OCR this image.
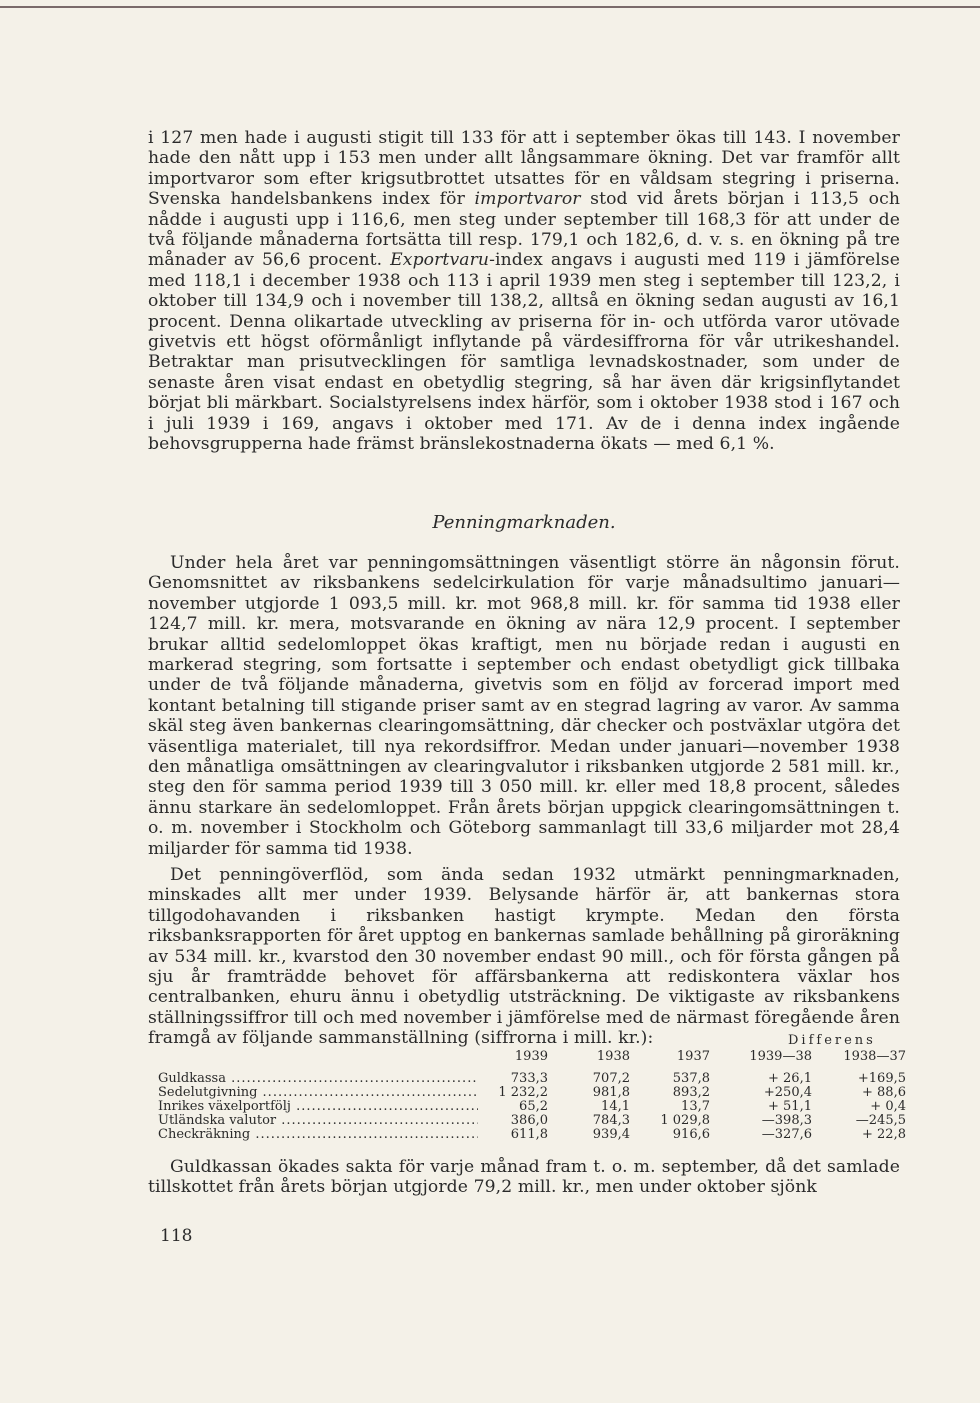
i 127 men hade i augusti stigit till 133 för att i september ökas till 143. I november hade den nått upp i 153 men under allt långsammare ökning. Det var framför allt importvaror som efter krigsutbrottet utsattes för en våldsam stegring i priserna. Svenska handelsbankens index för importvaror stod vid årets början i 113,5 och nådde i augusti upp i 116,6, men steg under september till 168,3 för att under de två följande månaderna fortsätta till resp. 179,1 och 182,6, d. v. s. en ökning på tre månader av 56,6 procent. Exportvaru-index angavs i augusti med 119 i jämförelse med 118,1 i december 1938 och 113 i april 1939 men steg i september till 123,2, i oktober till 134,9 och i november till 138,2, alltså en ökning sedan augusti av 16,1 procent. Denna olikartade utveckling av priserna för in- och utförda varor utövade givetvis ett högst oförmånligt inflytande på värdesiffrorna för vår utrikeshandel. Betraktar man prisutvecklingen för samtliga levnadskostnader, som under de senaste åren visat endast en obetydlig stegring, så har även där krigsinflytandet börjat bli märkbart. Socialstyrelsens index härför, som i oktober 1938 stod i 167 och i juli 1939 i 169, angavs i oktober med 171. Av de i denna index ingående behovsgrupperna hade främst bränslekostnaderna ökats — med 6,1 %.

Penningmarknaden.

Under hela året var penningomsättningen väsentligt större än någonsin förut. Genomsnittet av riksbankens sedelcirkulation för varje månadsultimo januari—november utgjorde 1 093,5 mill. kr. mot 968,8 mill. kr. för samma tid 1938 eller 124,7 mill. kr. mera, motsvarande en ökning av nära 12,9 procent. I september brukar alltid sedelomloppet ökas kraftigt, men nu började redan i augusti en markerad stegring, som fortsatte i september och endast obetydligt gick tillbaka under de två följande månaderna, givetvis som en följd av forcerad import med kontant betalning till stigande priser samt av en stegrad lagring av varor. Av samma skäl steg även bankernas clearingomsättning, där checker och postväxlar utgöra det väsentliga materialet, till nya rekordsiffror. Medan under januari—november 1938 den månatliga omsättningen av clearingvalutor i riksbanken utgjorde 2 581 mill. kr., steg den för samma period 1939 till 3 050 mill. kr. eller med 18,8 procent, således ännu starkare än sedelomloppet. Från årets början uppgick clearingomsättningen t. o. m. november i Stockholm och Göteborg sammanlagt till 33,6 miljarder mot 28,4 miljarder för samma tid 1938.

Det penningöverflöd, som ända sedan 1932 utmärkt penningmarknaden, minskades allt mer under 1939. Belysande härför är, att bankernas stora tillgodohavanden i riksbanken hastigt krympte. Medan den första riksbanksrapporten för året upptog en bankernas samlade behållning på giroräkning av 534 mill. kr., kvarstod den 30 november endast 90 mill., och för första gången på sju år framträdde behovet för affärsbankerna att rediskontera växlar hos centralbanken, ehuru ännu i obetydlig utsträckning. De viktigaste av riksbankens ställningssiffror till och med november i jämförelse med de närmast föregående åren framgå av följande sammanställning (siffrorna i mill. kr.):	Differens
1939	1938	1937	1939—38	1938—37
Guldkassa .....	733,3	707,2	537,8	+ 26,1	+169,5
Sedelutgivning .....	1 232,2	981,8	893,2	+250,4	+ 88,6
Inrikes växelportfölj .....	65,2	14,1	13,7	+ 51,1	+ 0,4
Utländska valutor .....	386,0	784,3	1 029,8	—398,3	—245,5
Checkräkning .....	611,8	939,4	916,6	—327,6	+ 22,8

Guldkassan ökades sakta för varje månad fram t. o. m. september, då det samlade tillskottet från årets början utgjorde 79,2 mill. kr., men under oktober sjönk

118
